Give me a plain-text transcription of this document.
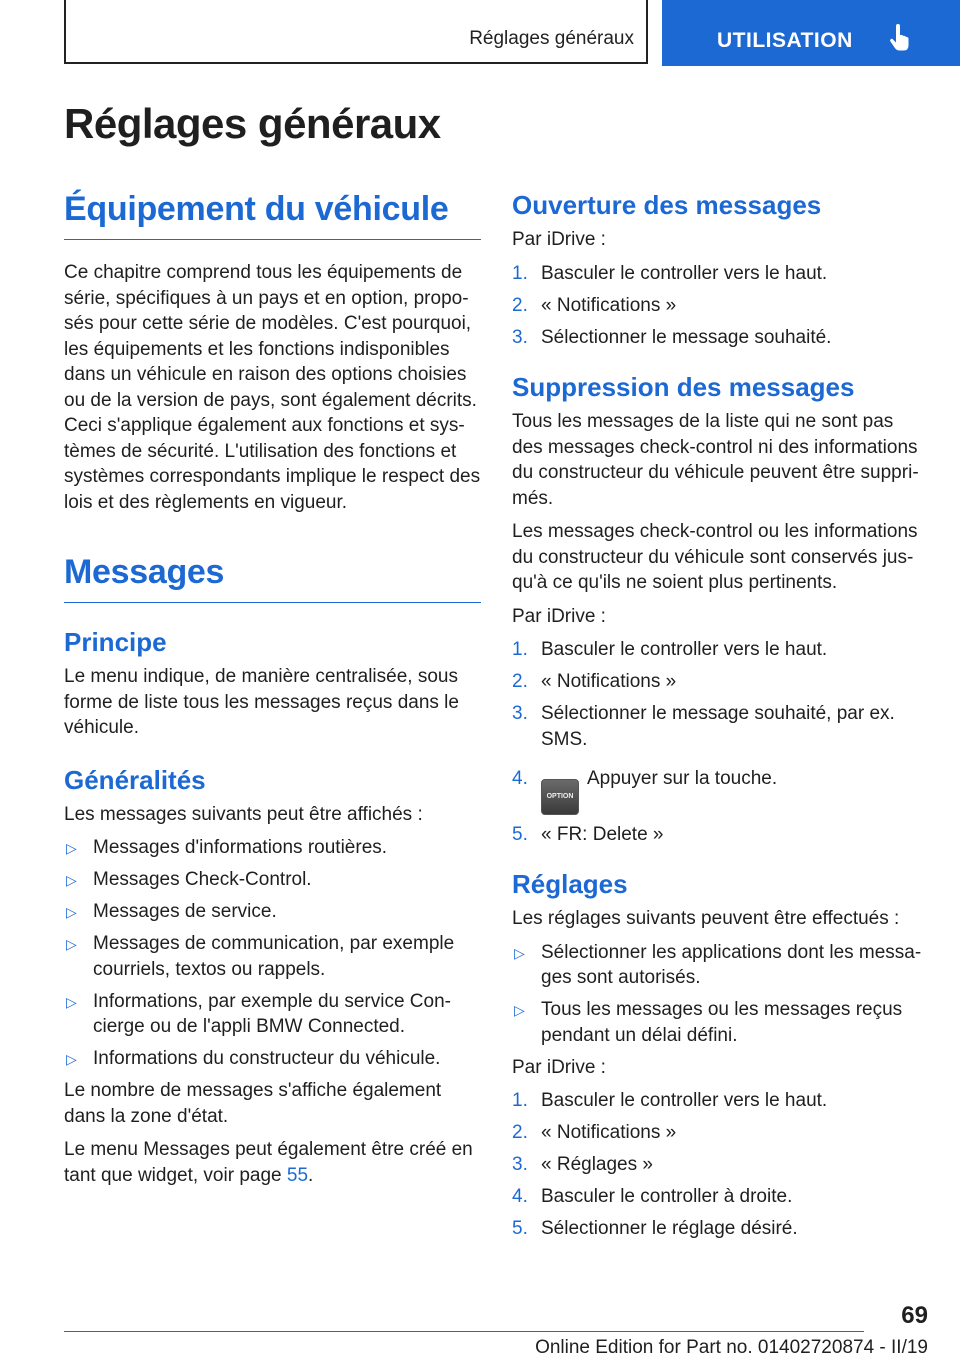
Réglages généraux	UTILISATION
Réglages généraux
Équipement du véhicule

Ce chapitre comprend tous les équipements de série, spécifiques à un pays et en option, proposés pour cette série de modèles. C'est pourquoi, les équipements et les fonctions indisponibles dans un véhicule en raison des options choisies ou de la version de pays, sont également décrits. Ceci s'applique également aux fonctions et systèmes de sécurité. L'utilisation des fonctions et systèmes correspondants implique le respect des lois et des règlements en vigueur.

Messages
Principe

Le menu indique, de manière centralisée, sous forme de liste tous les messages reçus dans le véhicule.

Généralités

Les messages suivants peut être affichés :

▷ Messages d'informations routières.
▷ Messages Check-Control.
▷ Messages de service.
▷ Messages de communication, par exemple courriels, textos ou rappels.
▷ Informations, par exemple du service Concierge ou de l'appli BMW Connected.
▷ Informations du constructeur du véhicule.

Le nombre de messages s'affiche également dans la zone d'état.

Le menu Messages peut également être créé en tant que widget, voir page 55.

Ouverture des messages

Par iDrive :

1. Basculer le controller vers le haut.
2. « Notifications »
3. Sélectionner le message souhaité.
Suppression des messages

Tous les messages de la liste qui ne sont pas des messages check-control ni des informations du constructeur du véhicule peuvent être supprimés.

Les messages check-control ou les informations du constructeur du véhicule sont conservés jusqu'à ce qu'ils ne soient plus pertinents.

Par iDrive :

1. Basculer le controller vers le haut.
2. « Notifications »
3. Sélectionner le message souhaité, par ex. SMS.
4.
OPTIONAppuyer sur la touche.
5. « FR: Delete »
Réglages

Les réglages suivants peuvent être effectués :

▷ Sélectionner les applications dont les messages sont autorisés.
▷ Tous les messages ou les messages reçus pendant un délai défini.

Par iDrive :

1. Basculer le controller vers le haut.
2. « Notifications »
3. « Réglages »
4. Basculer le controller à droite.
5. Sélectionner le réglage désiré.
69
Online Edition for Part no. 01402720874 - II/19
